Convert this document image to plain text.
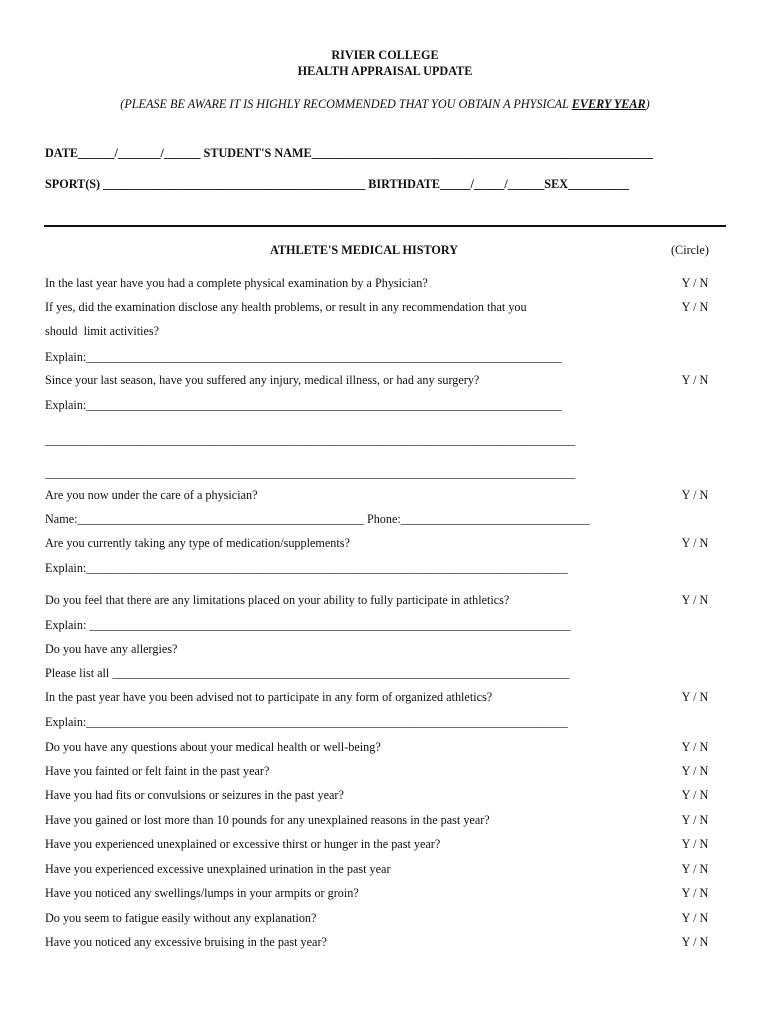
RIVIER COLLEGE
HEALTH APPRAISAL UPDATE
(PLEASE BE AWARE IT IS HIGHLY RECOMMENDED THAT YOU OBTAIN A PHYSICAL EVERY YEAR)
DATE______/_______/______ STUDENT'S NAME________________________________________________________
SPORT(S) ___________________________________________ BIRTHDATE_____/_____/______SEX__________
ATHLETE'S MEDICAL HISTORY	(Circle)
In the last year have you had a complete physical examination by a Physician?	Y / N
If yes, did the examination disclose any health problems, or result in any recommendation that you	Y / N
should  limit activities?
Explain:______________________________________________________________________________
Since your last season, have you suffered any injury, medical illness, or had any surgery?	Y / N
Explain:______________________________________________________________________________
_______________________________________________________________________________________
_______________________________________________________________________________________
Are you now under the care of a physician?	Y / N
Name:_______________________________________________ Phone:_______________________________
Are you currently taking any type of medication/supplements?	Y / N
Explain:_______________________________________________________________________________
Do you feel that there are any limitations placed on your ability to fully participate in athletics?	Y / N
Explain: _______________________________________________________________________________
Do you have any allergies?
Please list all ___________________________________________________________________________
In the past year have you been advised not to participate in any form of organized athletics?	Y / N
Explain:_______________________________________________________________________________
Do you have any questions about your medical health or well-being?	Y / N
Have you fainted or felt faint in the past year?	Y / N
Have you had fits or convulsions or seizures in the past year?	Y / N
Have you gained or lost more than 10 pounds for any unexplained reasons in the past year?	Y / N
Have you experienced unexplained or excessive thirst or hunger in the past year?	Y / N
Have you experienced excessive unexplained urination in the past year	Y / N
Have you noticed any swellings/lumps in your armpits or groin?	Y / N
Do you seem to fatigue easily without any explanation?	Y / N
Have you noticed any excessive bruising in the past year?	Y / N
